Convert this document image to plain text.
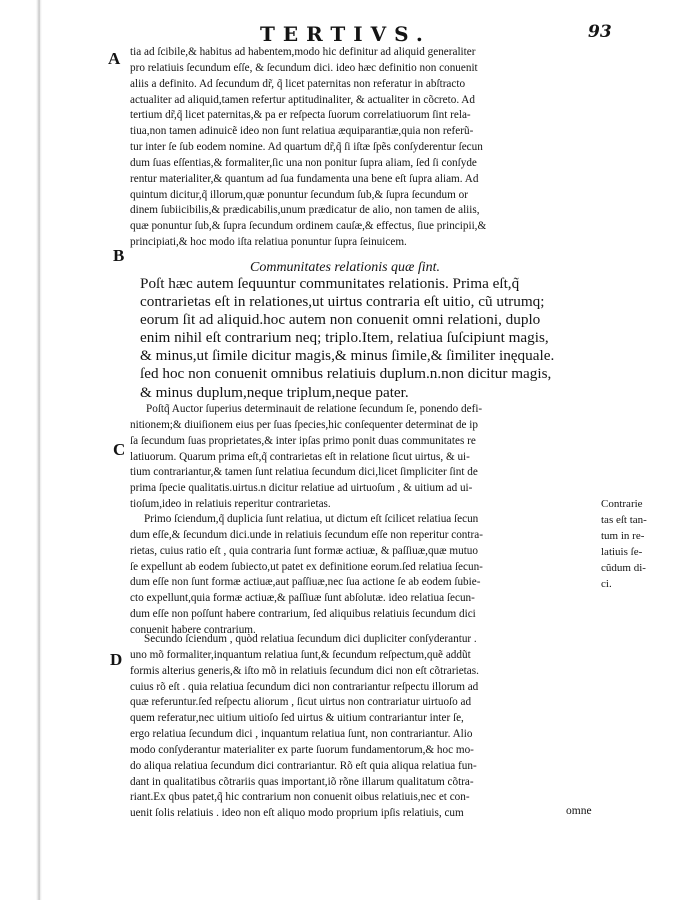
TERTIVS.	93
A
B
C
D
tia ad ſcibile,& habitus ad habentem,modo hic definitur ad aliquid generaliter
pro relatiuis ſecundum eſſe, & ſecundum dici. ideo hæc definitio non conuenit
aliis a definito. Ad ſecundum dr̃, q̃ licet paternitas non referatur in abſtracto
actualiter ad aliquid,tamen refertur aptitudinaliter, & actualiter in cõcreto. Ad
tertium dr̃,q̃ licet paternitas,& pa er reſpecta ſuorum correlatiuorum ſint rela-
tiua,non tamen adinuicẽ ideo non ſunt relatiua æquiparantiæ,quia non referũ-
tur inter ſe ſub eodem nomine. Ad quartum dr̃,q̃ ſi iſtæ ſpẽs conſyderentur ſecun
dum ſuas eſſentias,& formaliter,ſic una non ponitur ſupra aliam, ſed ſi conſyde
rentur materialiter,& quantum ad ſua fundamenta una bene eſt ſupra aliam. Ad
quintum dicitur,q̃ illorum,quæ ponuntur ſecundum ſub,& ſupra ſecundum or
dinem ſubiicibilis,& prædicabilis,unum prædicatur de alio, non tamen de aliis,
quæ ponuntur ſub,& ſupra ſecundum ordinem cauſæ,& effectus, ſiue principii,&
principiati,& hoc modo iſta relatiua ponuntur ſupra ſeinuicem.
Communitates relationis quæ ſint.
Poſt hæc autem ſequuntur communitates relationis. Prima eſt,q̃
contrarietas eſt in relationes,ut uirtus contraria eſt uitio, cũ utrumq;
eorum ſit ad aliquid.hoc autem non conuenit omni relationi, duplo
enim nihil eſt contrarium neq; triplo.Item, relatiua ſuſcipiunt magis,
& minus,ut ſimile dicitur magis,& minus ſimile,& ſimiliter inęquale.
ſed hoc non conuenit omnibus relatiuis duplum.n.non dicitur magis,
& minus duplum,neque triplum,neque pater.
Poſtq̃ Auctor ſuperius determinauit de relatione ſecundum ſe, ponendo defi-
nitionem;& diuiſionem eius per ſuas ſpecies,hic conſequenter determinat de ip
ſa ſecundum ſuas proprietates,& inter ipſas primo ponit duas communitates re
latiuorum. Quarum prima eſt,q̃ contrarietas eſt in relatione ſicut uirtus, & ui-
tium contrariantur,& tamen ſunt relatiua ſecundum dici,licet ſimpliciter ſint de
prima ſpecie qualitatis.uirtus.n dicitur relatiue ad uirtuoſum , & uitium ad ui-
tioſum,ideo in relatiuis reperitur contrarietas.
Primo ſciendum,q̃ duplicia ſunt relatiua, ut dictum eſt ſcilicet relatiua ſecun
dum eſſe,& ſecundum dici.unde in relatiuis ſecundum eſſe non reperitur contra-
rietas, cuius ratio eſt , quia contraria ſunt formæ actiuæ, & paſſiuæ,quæ mutuo
ſe expellunt ab eodem ſubiecto,ut patet ex definitione eorum.ſed relatiua ſecun-
dum eſſe non ſunt formæ actiuæ,aut paſſiuæ,nec ſua actione ſe ab eodem ſubie-
cto expellunt,quia formæ actiuæ,& paſſiuæ ſunt abſolutæ. ideo relatiua ſecun-
dum eſſe non poſſunt habere contrarium, ſed aliquibus relatiuis ſecundum dici
conuenit habere contrarium.
Contrarie
tas eſt tan-
tum in re-
latiuis ſe-
cũdum di-
ci.
Secundo ſciendum , quòd relatiua ſecundum dici dupliciter conſyderantur .
uno mõ formaliter,inquantum relatiua ſunt,& ſecundum reſpectum,quẽ addũt
formis alterius generis,& iſto mõ in relatiuis ſecundum dici non eſt cõtrarietas.
cuius rõ eſt . quia relatiua ſecundum dici non contrariantur reſpectu illorum ad
quæ referuntur.ſed reſpectu aliorum , ſicut uirtus non contrariatur uirtuoſo ad
quem referatur,nec uitium uitioſo ſed uirtus & uitium contrariantur inter ſe,
ergo relatiua ſecundum dici , inquantum relatiua ſunt, non contrariantur. Alio
modo conſyderantur materialiter ex parte ſuorum fundamentorum,& hoc mo-
do aliqua relatiua ſecundum dici contrariantur. Rõ eſt quia aliqua relatiua fun-
dant in qualitatibus cõtrariis quas important,iõ rõne illarum qualitatum cõtra-
riant.Ex qbus patet,q̃ hic contrarium non conuenit oibus relatiuis,nec et con-
uenit ſolis relatiuis . ideo non eſt aliquo modo proprium ipſis relatiuis, cum	omne
